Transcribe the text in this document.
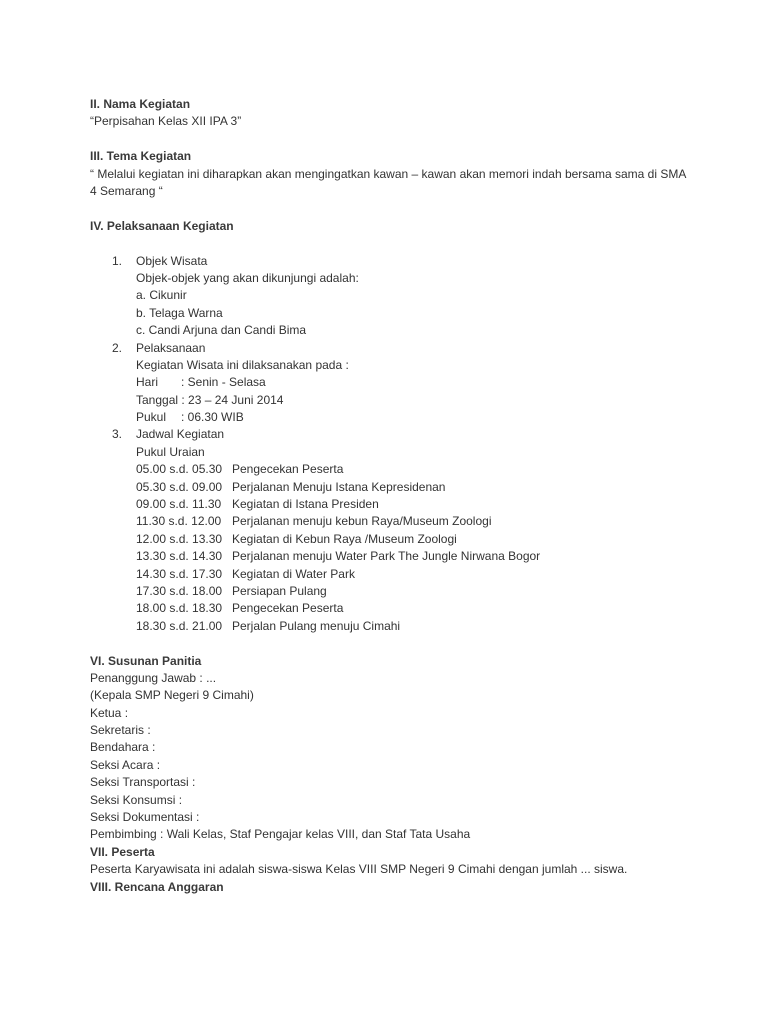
II. Nama Kegiatan
“Perpisahan Kelas XII IPA 3”
III. Tema Kegiatan
“ Melalui kegiatan ini diharapkan akan mengingatkan kawan – kawan akan memori indah bersama sama di SMA 4 Semarang “
IV. Pelaksanaan Kegiatan
1. Objek Wisata
Objek-objek yang akan dikunjungi adalah:
a. Cikunir
b. Telaga Warna
c. Candi Arjuna dan Candi Bima
2. Pelaksanaan
Kegiatan Wisata ini dilaksanakan pada :
Hari : Senin - Selasa
Tanggal : 23 – 24 Juni 2014
Pukul : 06.30 WIB
3. Jadwal Kegiatan
Pukul Uraian
05.00 s.d. 05.30 Pengecekan Peserta
05.30 s.d. 09.00 Perjalanan Menuju Istana Kepresidenan
09.00 s.d. 11.30 Kegiatan di Istana Presiden
11.30 s.d. 12.00 Perjalanan menuju kebun Raya/Museum Zoologi
12.00 s.d. 13.30 Kegiatan di Kebun Raya /Museum Zoologi
13.30 s.d. 14.30 Perjalanan menuju Water Park The Jungle Nirwana Bogor
14.30 s.d. 17.30 Kegiatan di Water Park
17.30 s.d. 18.00 Persiapan Pulang
18.00 s.d. 18.30 Pengecekan Peserta
18.30 s.d. 21.00 Perjalan Pulang menuju Cimahi
VI. Susunan Panitia
Penanggung Jawab : ...
(Kepala SMP Negeri 9 Cimahi)
Ketua :
Sekretaris :
Bendahara :
Seksi Acara :
Seksi Transportasi :
Seksi Konsumsi :
Seksi Dokumentasi :
Pembimbing : Wali Kelas, Staf Pengajar kelas VIII, dan Staf Tata Usaha
VII. Peserta
Peserta Karyawisata ini adalah siswa-siswa Kelas VIII SMP Negeri 9 Cimahi dengan jumlah ... siswa.
VIII. Rencana Anggaran
